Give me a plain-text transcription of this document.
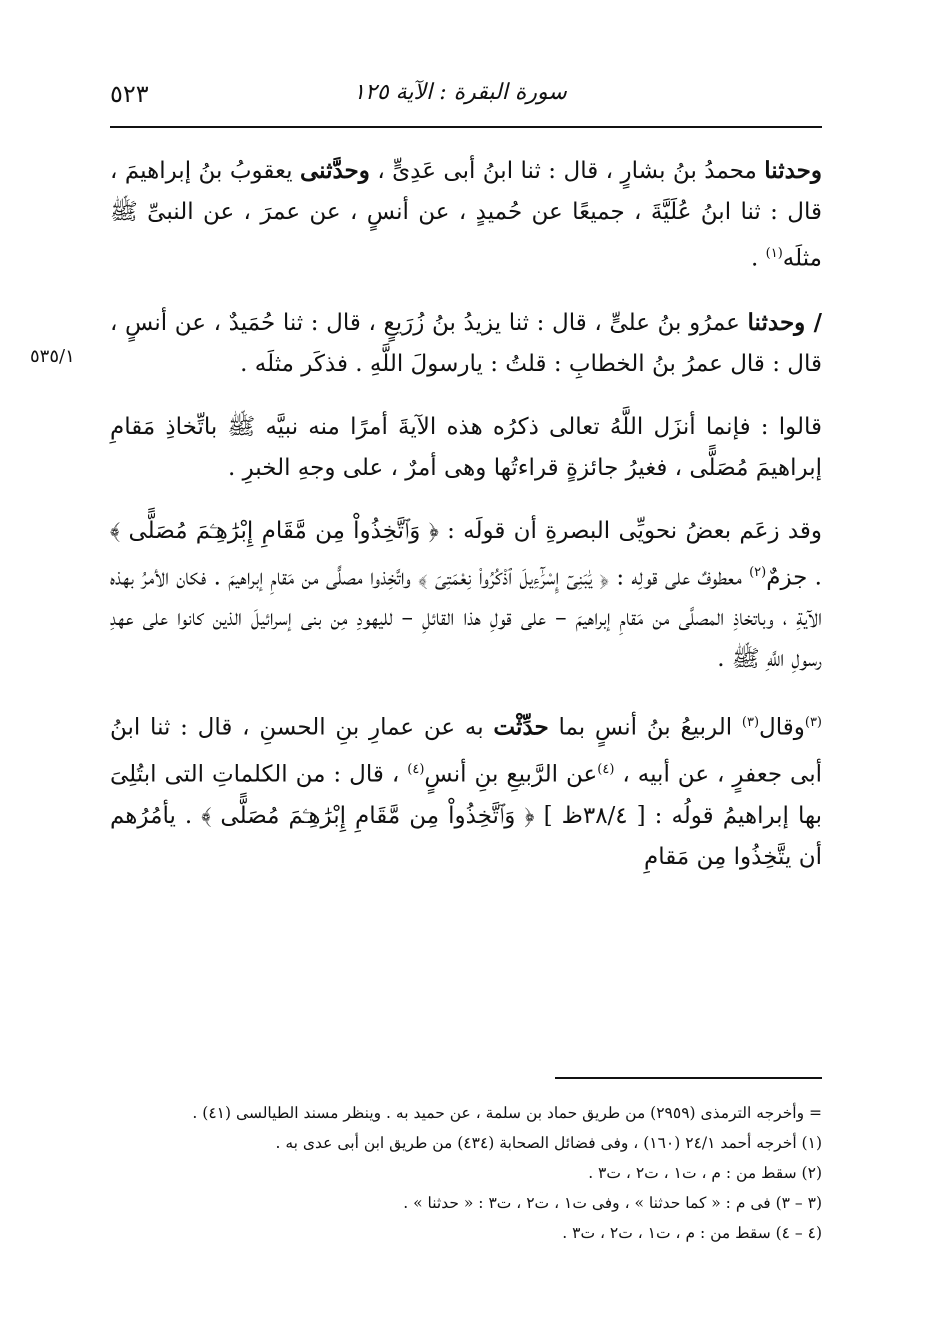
٥٢٣	سورة البقرة : الآية ١٢٥
٥٣٥/١

وحدثنا محمدُ بنُ بشارٍ ، قال : ثنا ابنُ أبى عَدِىٍّ ، وحدَّثنى يعقوبُ بنُ إبراهيمَ ، قال : ثنا ابنُ عُلَيَّةَ ، جميعًا عن حُميدٍ ، عن أنسٍ ، عن عمرَ ، عن النبىِّ ﷺ مثلَه$^{(١)}$ .

/ وحدثنا عمرُو بنُ علىٍّ ، قال : ثنا يزيدُ بنُ زُرَيعٍ ، قال : ثنا حُمَيدٌ ، عن أنسٍ ، قال : قال عمرُ بنُ الخطابِ : قلتُ : يارسولَ اللَّهِ . فذكَر مثلَه .

قالوا : فإنما أنزَل اللَّهُ تعالى ذكرُه هذه الآيةَ أمرًا منه نبيَّه ﷺ باتِّخاذِ مَقامِ إبراهيمَ مُصَلًّى ، فغيرُ جائزةٍ قراءتُها وهى أمرٌ ، على وجهِ الخبرِ .

وقد زعَم بعضُ نحويِّى البصرةِ أن قولَه : ﴿ وَٱتَّخِذُواْ مِن مَّقَامِ إِبْرَٰهِـۧمَ مُصَلًّى ﴾ . جزمٌ$^{(٢)}$ معطوفٌ على قولِه : ﴿ يَٰبَنِىٓ إِسْرَٰٓءِيلَ ٱذْكُرُواْ نِعْمَتِىَ ﴾ واتَّخِذوا مصلًّى من مَقامِ إبراهيمَ . فكان الأمرُ بهذه الآيةِ ، وباتخاذِ المصلَّى من مَقامِ إبراهيمَ – على قولِ هذا القائلِ – لليهودِ مِن بنى إسرائيلَ الذين كانوا على عهدِ رسولِ اللَّهِ ﷺ .

$^{(٣)}$وقال$^{(٣)}$ الربيعُ بنُ أنسٍ بما حدِّثْت به عن عمارِ بنِ الحسنِ ، قال : ثنا ابنُ أبى جعفرٍ ، عن أبيه ، $^{(٤)}$عن الرَّبيعِ بنِ أنسٍ$^{(٤)}$ ، قال : من الكلماتِ التى ابتُلِىَ بها إبراهيمُ قولُه : [ ٣٨/٤ظ ] ﴿ وَٱتَّخِذُواْ مِن مَّقَامِ إِبْرَٰهِـۧمَ مُصَلًّى ﴾ . يأمُرُهم أن يتَّخِذُوا مِن مَقامِ

= وأخرجه الترمذى (٢٩٥٩) من طريق حماد بن سلمة ، عن حميد به . وينظر مسند الطيالسى (٤١) .
(١) أخرجه أحمد ٢٤/١ (١٦٠) ، وفى فضائل الصحابة (٤٣٤) من طريق ابن أبى عدى به .
(٢) سقط من : م ، ت١ ، ت٢ ، ت٣ .
(٣ – ٣) فى م : « كما حدثنا » ، وفى ت١ ، ت٢ ، ت٣ : « حدثنا » .
(٤ – ٤) سقط من : م ، ت١ ، ت٢ ، ت٣ .
